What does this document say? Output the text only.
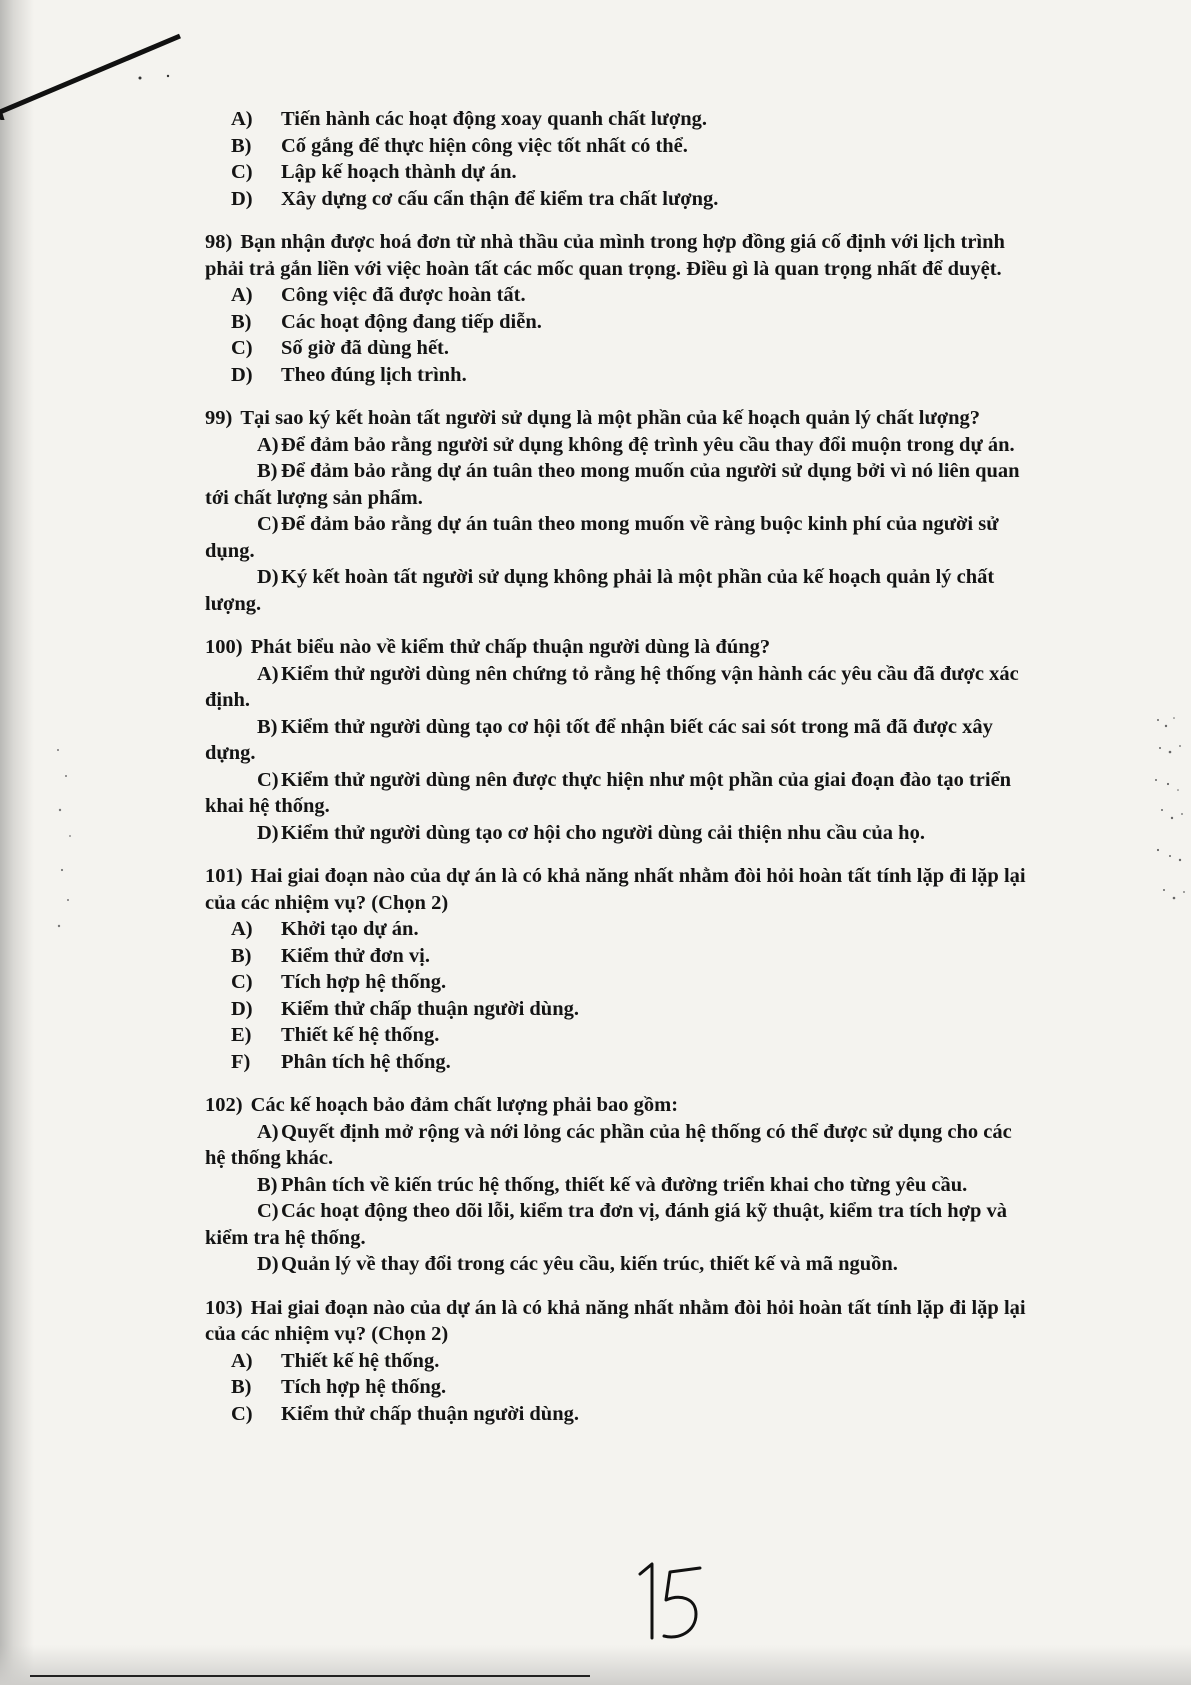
A)	Tiến hành các hoạt động xoay quanh chất lượng.
B)	Cố gắng để thực hiện công việc tốt nhất có thể.
C)	Lập kế hoạch thành dự án.
D)	Xây dựng cơ cấu cẩn thận để kiểm tra chất lượng.
98) Bạn nhận được hoá đơn từ nhà thầu của mình trong hợp đồng giá cố định với lịch trình phải trả gắn liền với việc hoàn tất các mốc quan trọng. Điều gì là quan trọng nhất để duyệt.
A)	Công việc đã được hoàn tất.
B)	Các hoạt động đang tiếp diễn.
C)	Số giờ đã dùng hết.
D)	Theo đúng lịch trình.
99) Tại sao ký kết hoàn tất người sử dụng là một phần của kế hoạch quản lý chất lượng?
A) Để đảm bảo rằng người sử dụng không đệ trình yêu cầu thay đổi muộn trong dự án.
B) Để đảm bảo rằng dự án tuân theo mong muốn của người sử dụng bởi vì nó liên quan tới chất lượng sản phẩm.
C) Để đảm bảo rằng dự án tuân theo mong muốn về ràng buộc kinh phí của người sử dụng.
D) Ký kết hoàn tất người sử dụng không phải là một phần của kế hoạch quản lý chất lượng.
100) Phát biểu nào về kiểm thử chấp thuận người dùng là đúng?
A) Kiểm thử người dùng nên chứng tỏ rằng hệ thống vận hành các yêu cầu đã được xác định.
B) Kiểm thử người dùng tạo cơ hội tốt để nhận biết các sai sót trong mã đã được xây dựng.
C) Kiểm thử người dùng nên được thực hiện như một phần của giai đoạn đào tạo triển khai hệ thống.
D) Kiểm thử người dùng tạo cơ hội cho người dùng cải thiện nhu cầu của họ.
101) Hai giai đoạn nào của dự án là có khả năng nhất nhằm đòi hỏi hoàn tất tính lặp đi lặp lại của các nhiệm vụ? (Chọn 2)
A)	Khởi tạo dự án.
B)	Kiểm thử đơn vị.
C)	Tích hợp hệ thống.
D)	Kiểm thử chấp thuận người dùng.
E)	Thiết kế hệ thống.
F)	Phân tích hệ thống.
102) Các kế hoạch bảo đảm chất lượng phải bao gồm:
A) Quyết định mở rộng và nới lỏng các phần của hệ thống có thể được sử dụng cho các hệ thống khác.
B) Phân tích về kiến trúc hệ thống, thiết kế và đường triển khai cho từng yêu cầu.
C) Các hoạt động theo dõi lỗi, kiểm tra đơn vị, đánh giá kỹ thuật, kiểm tra tích hợp và kiểm tra hệ thống.
D) Quản lý về thay đổi trong các yêu cầu, kiến trúc, thiết kế và mã nguồn.
103) Hai giai đoạn nào của dự án là có khả năng nhất nhằm đòi hỏi hoàn tất tính lặp đi lặp lại của các nhiệm vụ? (Chọn 2)
A)	Thiết kế hệ thống.
B)	Tích hợp hệ thống.
C)	Kiểm thử chấp thuận người dùng.
